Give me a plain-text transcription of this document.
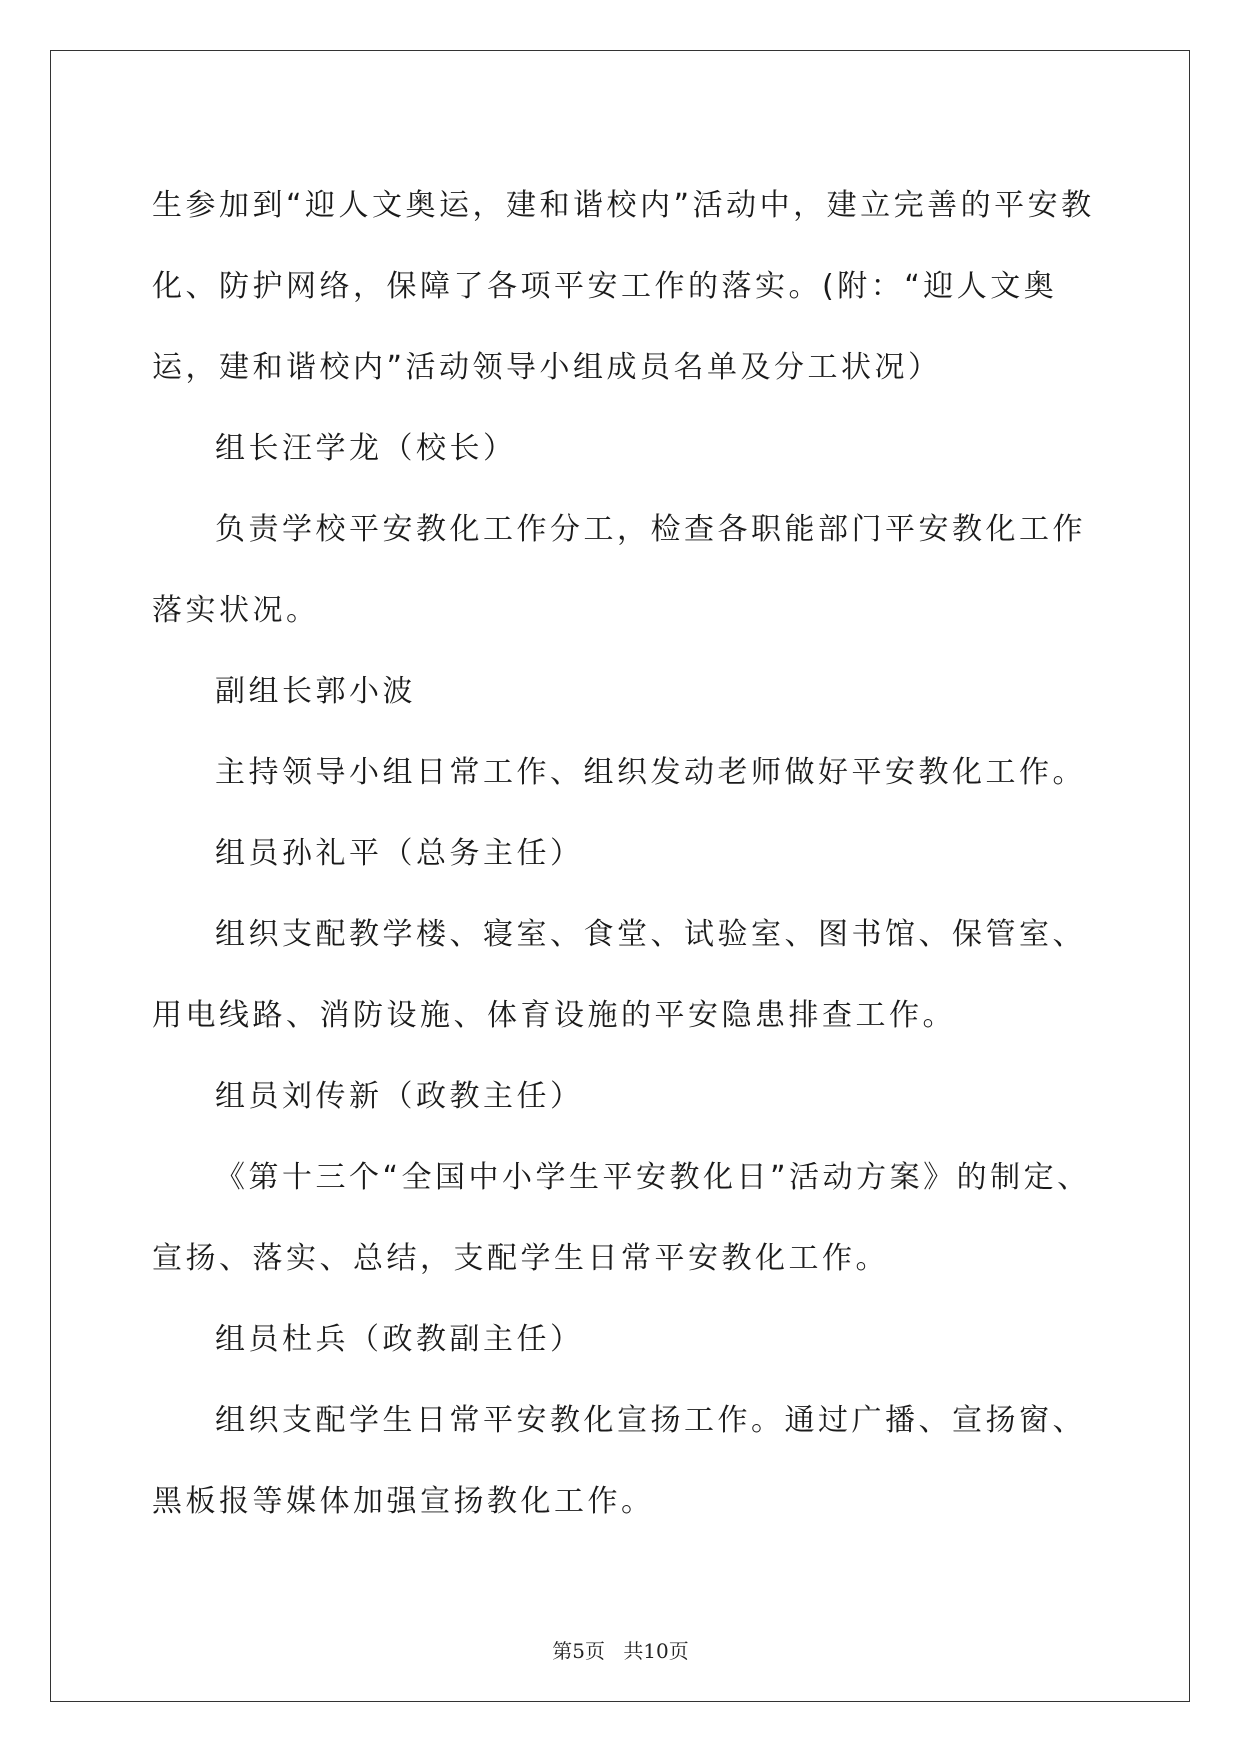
生参加到“迎人文奥运，建和谐校内”活动中，建立完善的平安教化、防护网络，保障了各项平安工作的落实。(附：“迎人文奥运，建和谐校内”活动领导小组成员名单及分工状况）

组长汪学龙（校长）

负责学校平安教化工作分工，检查各职能部门平安教化工作落实状况。

副组长郭小波

主持领导小组日常工作、组织发动老师做好平安教化工作。

组员孙礼平（总务主任）

组织支配教学楼、寝室、食堂、试验室、图书馆、保管室、用电线路、消防设施、体育设施的平安隐患排查工作。

组员刘传新（政教主任）

《第十三个“全国中小学生平安教化日”活动方案》的制定、宣扬、落实、总结，支配学生日常平安教化工作。

组员杜兵（政教副主任）

组织支配学生日常平安教化宣扬工作。通过广播、宣扬窗、黑板报等媒体加强宣扬教化工作。

第5页 共10页
